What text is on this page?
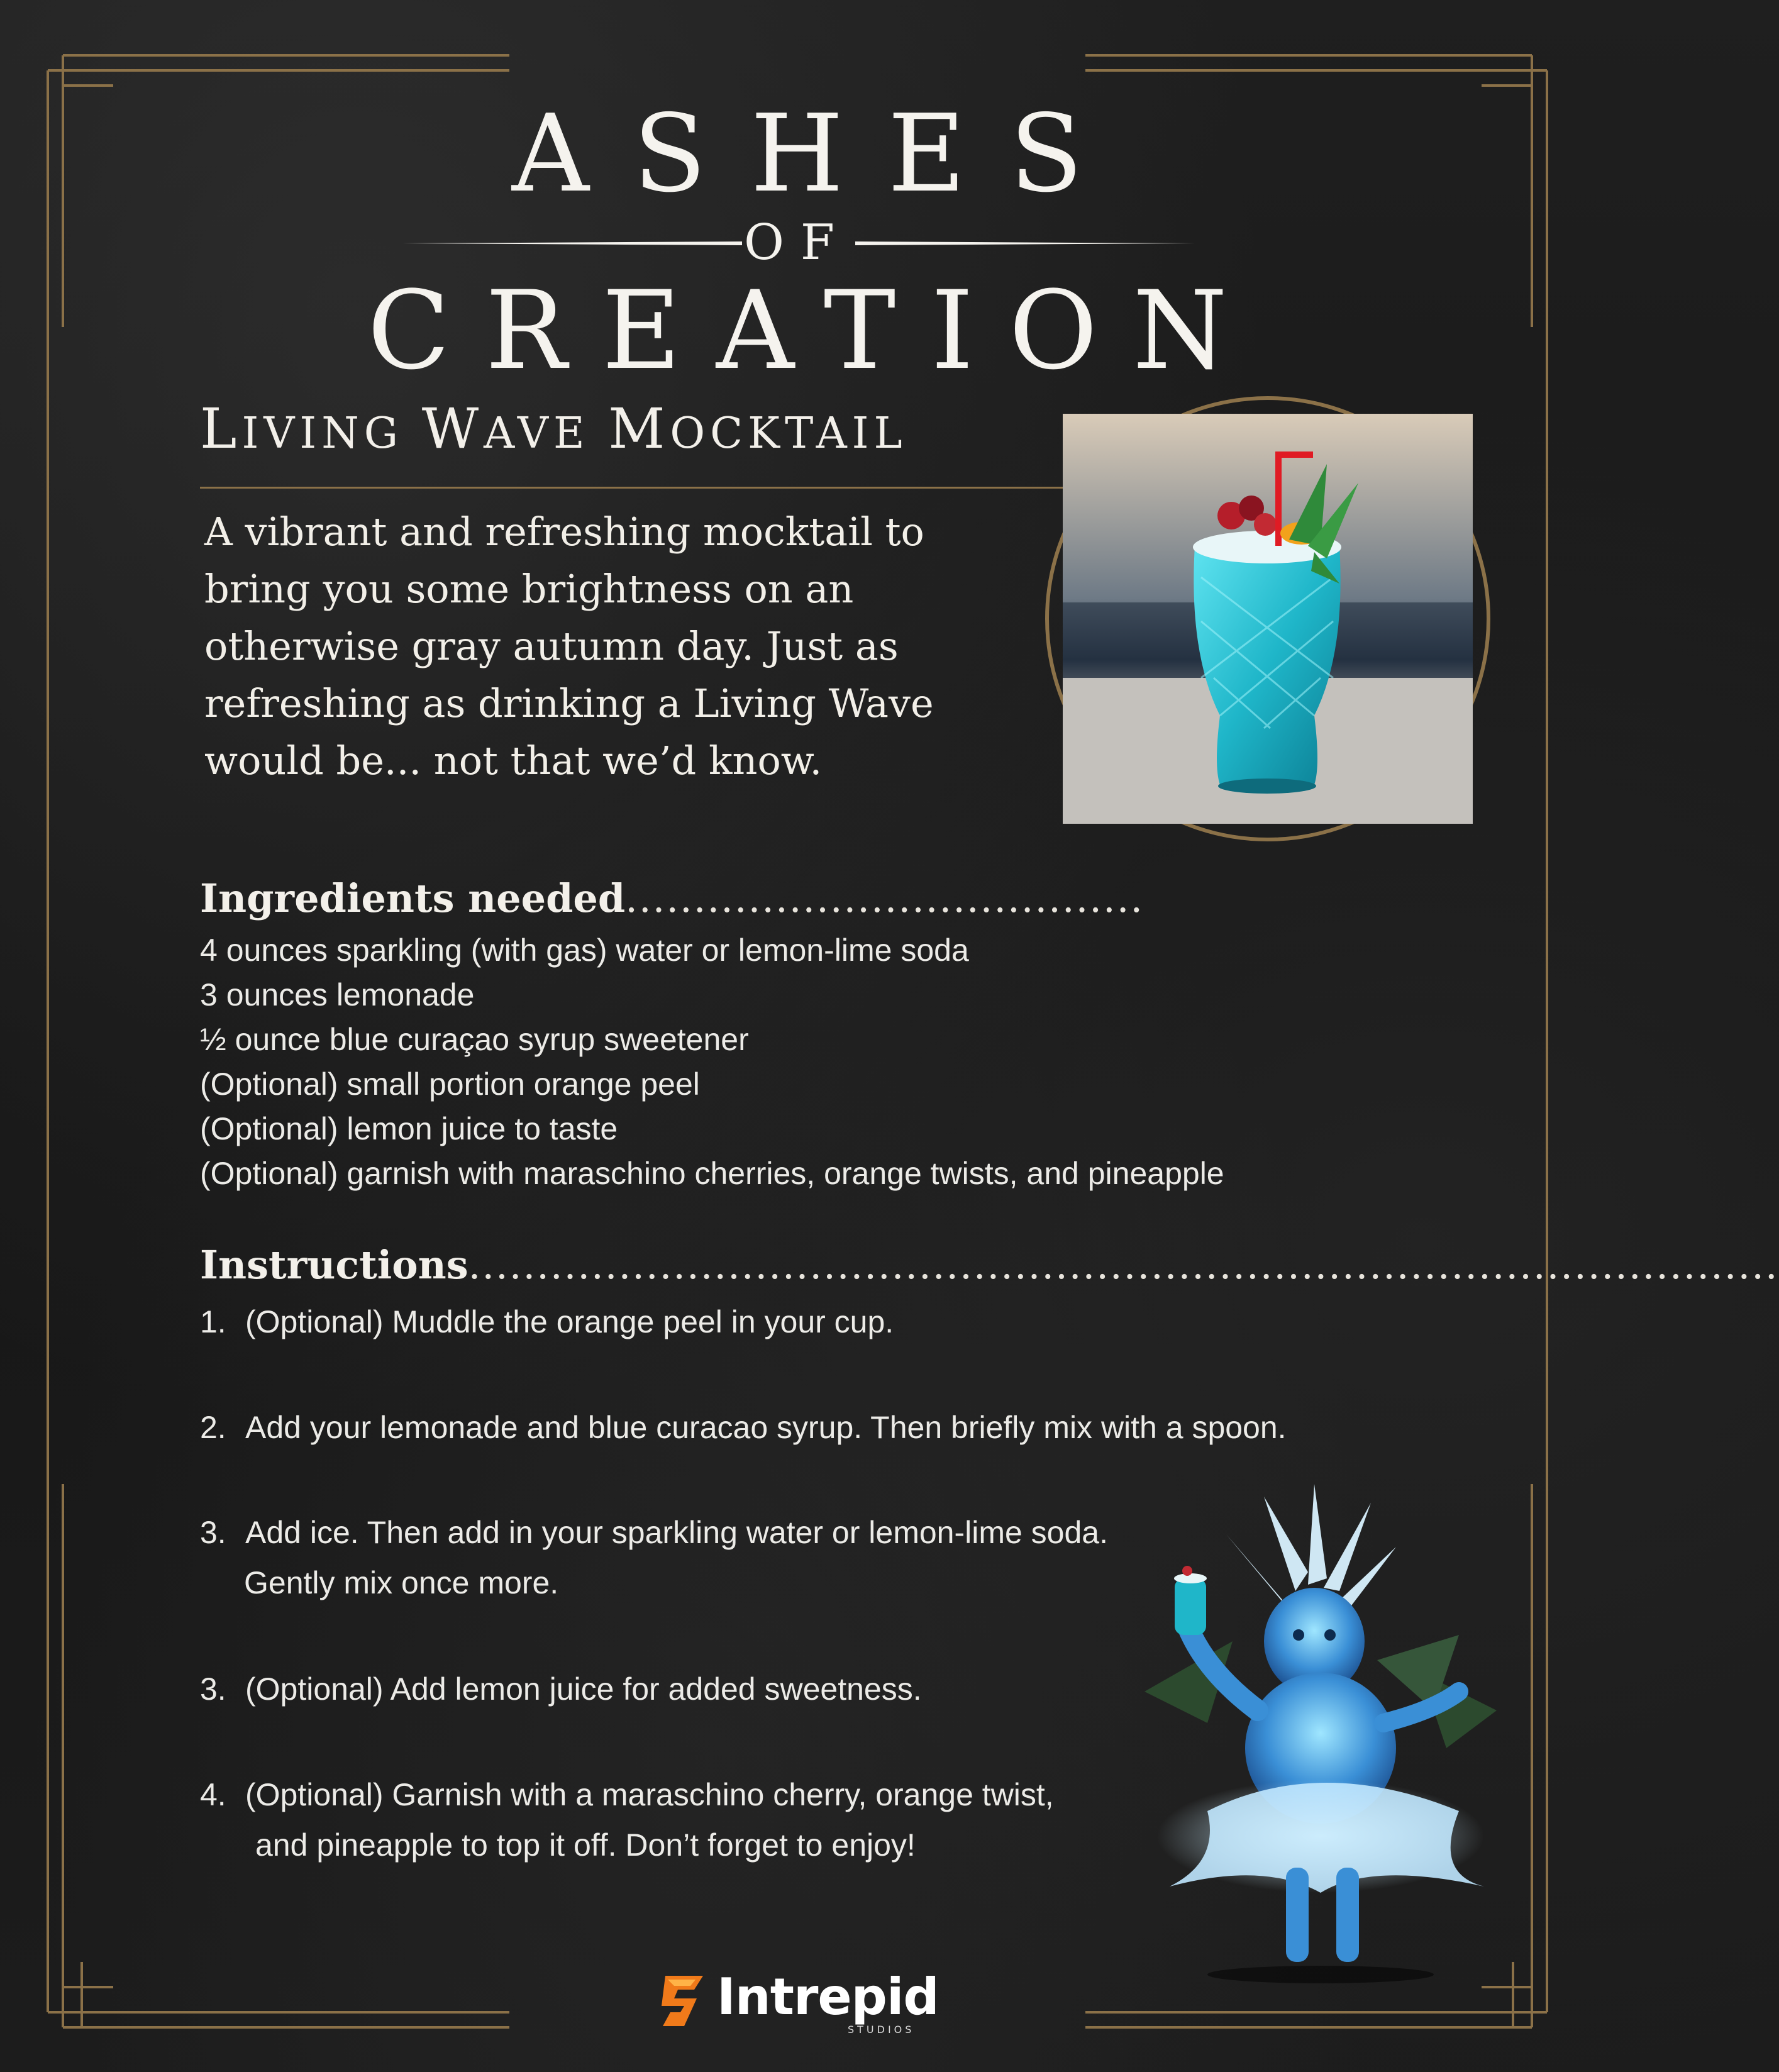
ASHES
OF
CREATION
LIVING WAVE MOCKTAIL
A vibrant and refreshing mocktail to bring you some brightness on an otherwise gray autumn day. Just as refreshing as drinking a Living Wave would be... not that we’d know.
Ingredients needed......................................
4 ounces sparkling (with gas) water or lemon-lime soda
3 ounces lemonade
½ ounce blue curaçao syrup sweetener
(Optional) small portion orange peel
(Optional) lemon juice to taste
(Optional) garnish with maraschino cherries, orange twists, and pineapple
Instructions................................................................................................
1. (Optional) Muddle the orange peel in your cup.
2. Add your lemonade and blue curacao syrup. Then briefly mix with a spoon.
3. Add ice. Then add in your sparkling water or lemon-lime soda.
Gently mix once more.
3. (Optional) Add lemon juice for added sweetness.
4. (Optional) Garnish with a maraschino cherry, orange twist,
and pineapple to top it off. Don’t forget to enjoy!
Intrepid
STUDIOS
